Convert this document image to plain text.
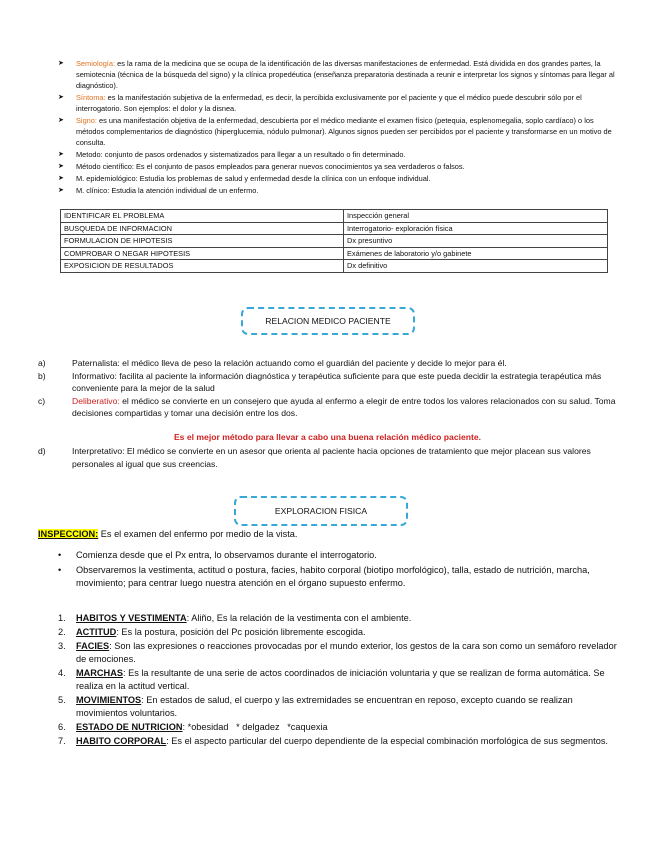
➤ Semiología: es la rama de la medicina que se ocupa de la identificación de las diversas manifestaciones de enfermedad. Está dividida en dos grandes partes, la semiotecnia (técnica de la búsqueda del signo) y la clínica propedéutica (enseñanza preparatoria destinada a reunir e interpretar los signos y síntomas para llegar al diagnóstico).
➤ Síntoma: es la manifestación subjetiva de la enfermedad, es decir, la percibida exclusivamente por el paciente y que el médico puede descubrir sólo por el interrogatorio. Son ejemplos: el dolor y la disnea.
➤ Signo: es una manifestación objetiva de la enfermedad, descubierta por el médico mediante el examen físico (petequia, esplenomegalia, soplo cardíaco) o los métodos complementarios de diagnóstico (hiperglucemia, nódulo pulmonar). Algunos signos pueden ser percibidos por el paciente y transformarse en un motivo de consulta.
➤ Metodo: conjunto de pasos ordenados y sistematizados para llegar a un resultado o fin determinado.
➤ Método científico: Es el conjunto de pasos empleados para generar nuevos conocimientos ya sea verdaderos o falsos.
➤ M. epidemiológico: Estudia los problemas de salud y enfermedad desde la clínica con un enfoque individual.
➤ M. clínico: Estudia la atención individual de un enfermo.
IDENTIFICAR EL PROBLEMA	Inspección general
BUSQUEDA DE INFORMACION	Interrogatorio- exploración física
FORMULACION DE HIPOTESIS	Dx presuntivo
COMPROBAR O NEGAR HIPOTESIS	Exámenes de laboratorio y/o gabinete
EXPOSICION DE RESULTADOS	Dx definitivo
RELACION MEDICO PACIENTE
a)	Paternalista: el médico lleva de peso la relación actuando como el guardián del paciente y decide lo mejor para él.
b)	Informativo: facilita al paciente la información diagnóstica y terapéutica suficiente para que este pueda decidir la estrategia terapéutica más conveniente para la mejor de la salud
c)	Deliberativo: el médico se convierte en un consejero que ayuda al enfermo a elegir de entre todos los valores relacionados con su salud. Toma decisiones compartidas y tomar una decisión entre los dos.
Es el mejor método para llevar a cabo una buena relación médico paciente.
d)	Interpretativo: El médico se convierte en un asesor que orienta al paciente hacia opciones de tratamiento que mejor placean sus valores personales al igual que sus creencias.
EXPLORACION FISICA
INSPECCION: Es el examen del enfermo por medio de la vista.
• Comienza desde que el Px entra, lo observamos durante el interrogatorio.
• Observaremos la vestimenta, actitud o postura, facies, habito corporal (biotipo morfológico), talla, estado de nutrición, marcha, movimiento; para centrar luego nuestra atención en el órgano supuesto enfermo.
1. HABITOS Y VESTIMENTA: Aliño, Es la relación de la vestimenta con el ambiente.
2. ACTITUD: Es la postura, posición del Pc posición libremente escogida.
3. FACIES: Son las expresiones o reacciones provocadas por el mundo exterior, los gestos de la cara son como un semáforo revelador de emociones.
4. MARCHAS: Es la resultante de una serie de actos coordinados de iniciación voluntaria y que se realizan de forma automática. Se realiza en la actitud vertical.
5. MOVIMIENTOS: En estados de salud, el cuerpo y las extremidades se encuentran en reposo, excepto cuando se realizan movimientos voluntarios.
6. ESTADO DE NUTRICION: *obesidad   * delgadez   *caquexia
7. HABITO CORPORAL: Es el aspecto particular del cuerpo dependiente de la especial combinación morfológica de sus segmentos.
